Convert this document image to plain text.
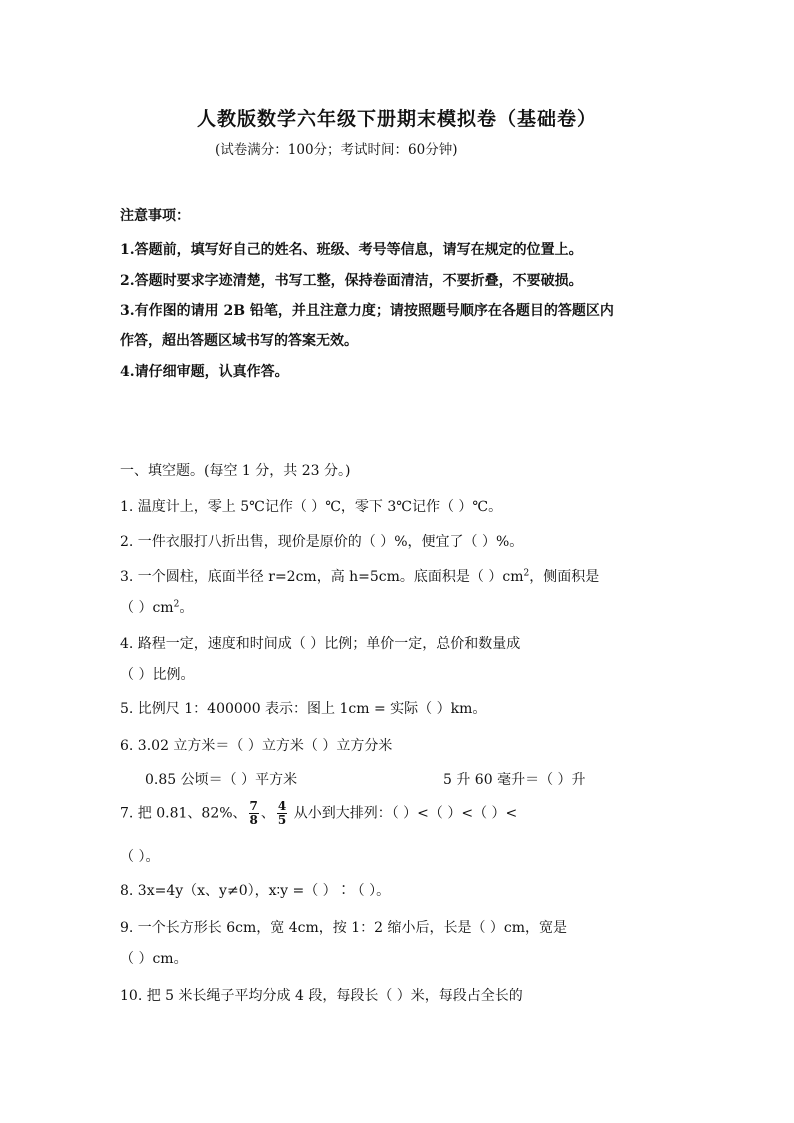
人教版数学六年级下册期末模拟卷（基础卷）
(试卷满分：100分；考试时间：60分钟)
注意事项：
1.答题前，填写好自己的姓名、班级、考号等信息，请写在规定的位置上。
2.答题时要求字迹清楚，书写工整，保持卷面清洁，不要折叠，不要破损。
3.有作图的请用 2B 铅笔，并且注意力度；请按照题号顺序在各题目的答题区内
作答，超出答题区域书写的答案无效。
4.请仔细审题，认真作答。
一、填空题。(每空 1 分，共 23 分。)
1. 温度计上，零上 5℃记作（ ）℃，零下 3℃记作（ ）℃。
2. 一件衣服打八折出售，现价是原价的（ ）%，便宜了（ ）%。
3. 一个圆柱，底面半径 r=2cm，高 h=5cm。底面积是（ ）$cm^2$，侧面积是
（ ）$cm^2$。
4. 路程一定，速度和时间成（ ）比例；单价一定，总价和数量成
（ ）比例。
5. 比例尺 1：400000 表示：图上 1cm = 实际（ ）km。
6. 3.02 立方米＝（ ）立方米（ ）立方分米
0.85 公顷＝（ ）平方米	5 升 60 毫升＝（ ）升
7. 把 0.81、82%、 $\frac{7}{8}$ 、 $\frac{4}{5}$ 从小到大排列：（ ）<（ ）<（ ）<
（ ）。
8. 3x=4y（x、y≠0），x∶y =（ ）∶（ ）。
9. 一个长方形长 6cm，宽 4cm，按 1：2 缩小后，长是（ ）cm，宽是
（ ）cm。
10. 把 5 米长绳子平均分成 4 段，每段长（ ）米，每段占全长的
